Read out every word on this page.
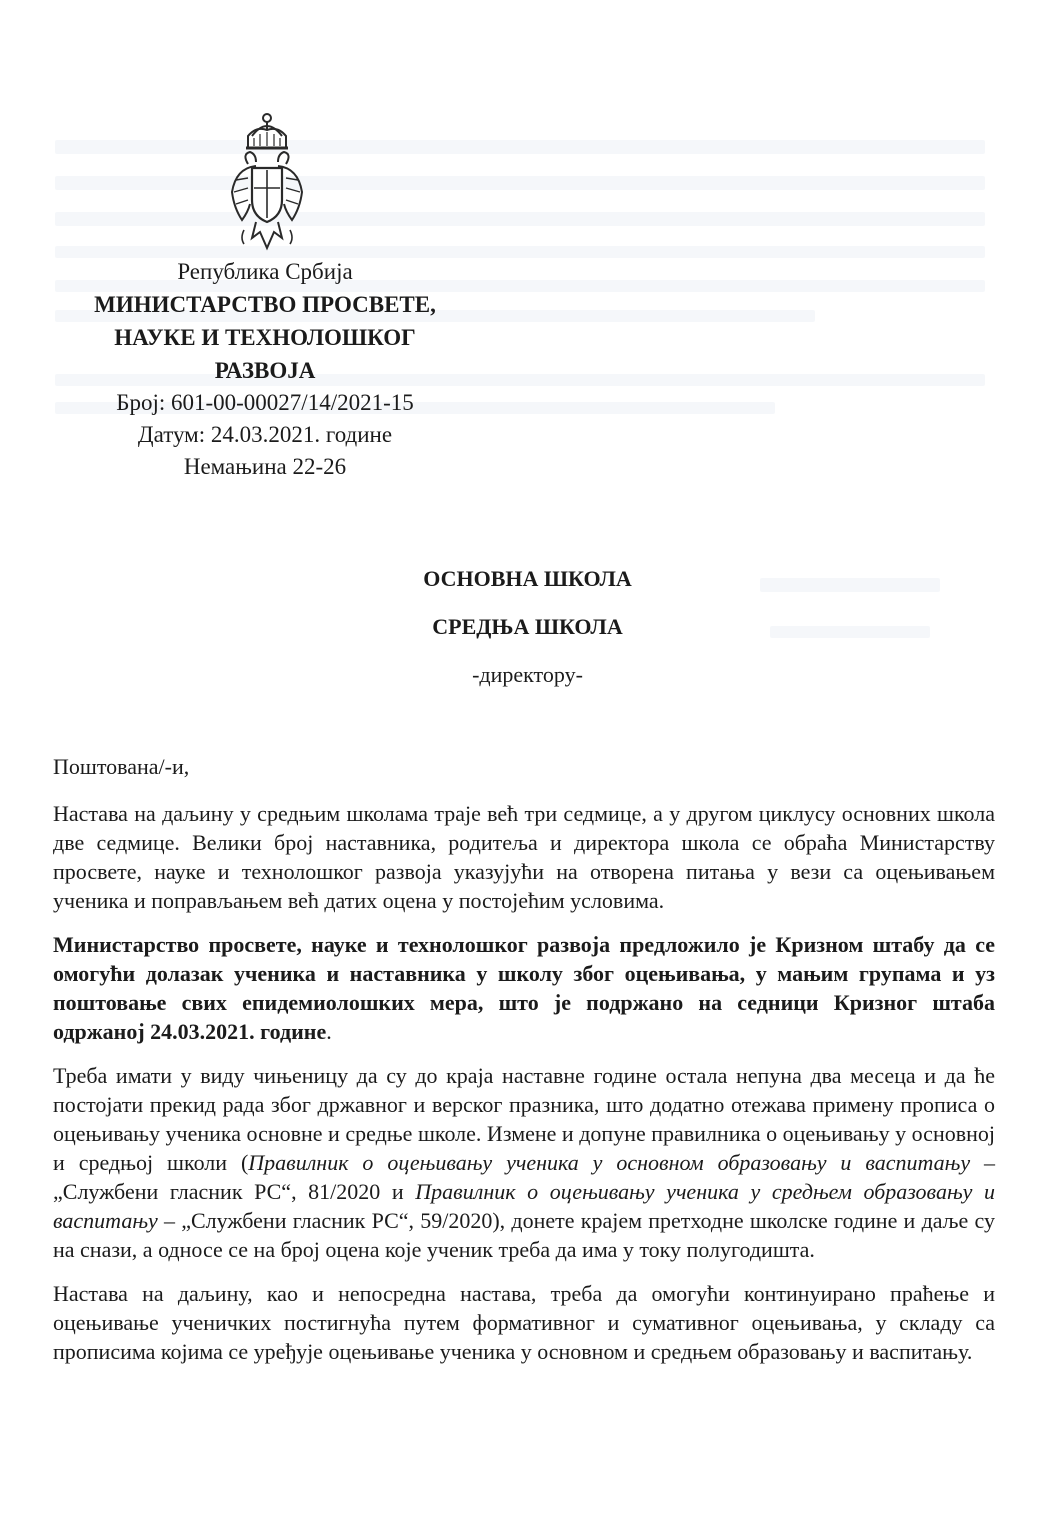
Република Србија
МИНИСТАРСТВО ПРОСВЕТЕ,
НАУКЕ И ТЕХНОЛОШКОГ
РАЗВОЈА
Број: 601-00-00027/14/2021-15
Датум: 24.03.2021. године
Немањина 22-26
ОСНОВНА ШКОЛА
СРЕДЊА ШКОЛА
-директору-

Поштована/-и,

Настава на даљину у средњим школама траје већ три седмице, а у другом циклусу основних школа две седмице. Велики број наставника, родитеља и директора школа се обраћа Министарству просвете, науке и технолошког развоја указујући на отворена питања у вези са оцењивањем ученика и поправљањем већ датих оцена у постојећим условима.

Министарство просвете, науке и технолошког развоја предложило је Кризном штабу да се омогући долазак ученика и наставника у школу због оцењивања, у мањим групама и уз поштовање свих епидемиолошких мера, што је подржано на седници Кризног штаба одржаној 24.03.2021. године.

Треба имати у виду чињеницу да су до краја наставне године остала непуна два месеца и да ће постојати прекид рада због државног и верског празника, што додатно отежава примену прописа о оцењивању ученика основне и средње школе. Измене и допуне правилника о оцењивању у основној и средњој школи (Правилник о оцењивању ученика у основном образовању и васпитању – „Службени гласник РС“, 81/2020 и Правилник о оцењивању ученика у средњем образовању и васпитању – „Службени гласник РС“, 59/2020), донете крајем претходне школске године и даље су на снази, а односе се на број оцена које ученик треба да има у току полугодишта.

Настава на даљину, као и непосредна настава, треба да омогући континуирано праћење и оцењивање ученичких постигнућа путем формативног и сумативног оцењивања, у складу са прописима којима се уређује оцењивање ученика у основном и средњем образовању и васпитању.
